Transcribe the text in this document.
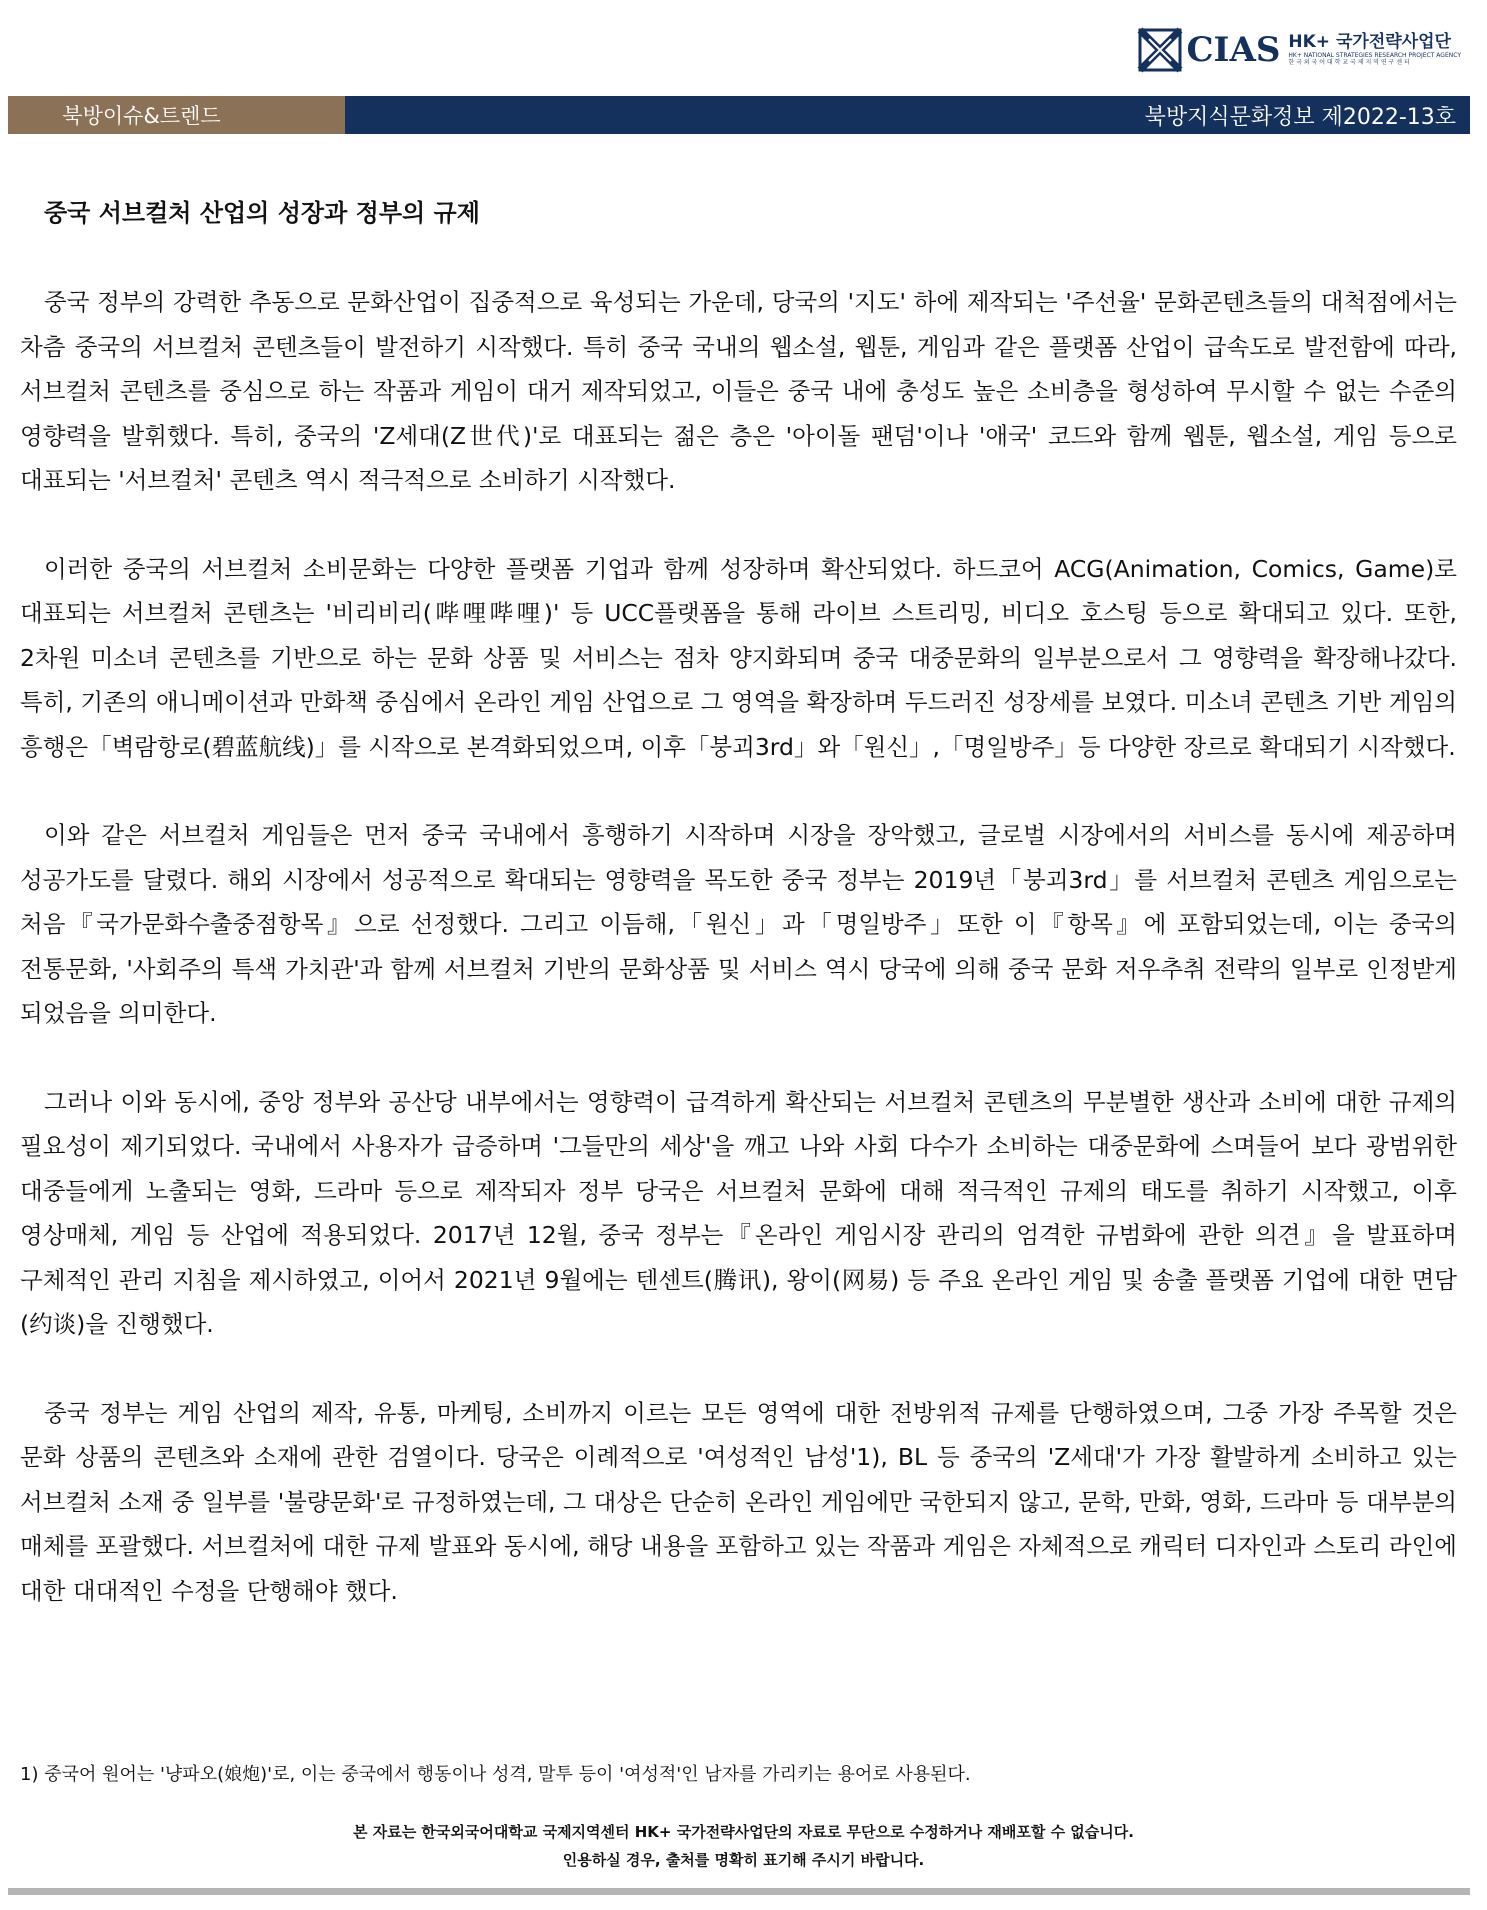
CIAS HK+ 국가전략사업단
HK+ NATIONAL STRATEGIES RESEARCH PROJECT AGENCY
한 국 외 국 어 대 학 교 국 제 지 역 연 구 센 터
북방이슈&트렌드	북방지식문화정보 제2022-13호
중국 서브컬처 산업의 성장과 정부의 규제

중국 정부의 강력한 추동으로 문화산업이 집중적으로 육성되는 가운데, 당국의 '지도' 하에 제작되는 '주선율' 문화콘텐츠들의 대척점에서는 차츰 중국의 서브컬처 콘텐츠들이 발전하기 시작했다. 특히 중국 국내의 웹소설, 웹툰, 게임과 같은 플랫폼 산업이 급속도로 발전함에 따라, 서브컬처 콘텐츠를 중심으로 하는 작품과 게임이 대거 제작되었고, 이들은 중국 내에 충성도 높은 소비층을 형성하여 무시할 수 없는 수준의 영향력을 발휘했다. 특히, 중국의 'Z세대(Z世代)'로 대표되는 젊은 층은 '아이돌 팬덤'이나 '애국' 코드와 함께 웹툰, 웹소설, 게임 등으로 대표되는 '서브컬처' 콘텐츠 역시 적극적으로 소비하기 시작했다.

이러한 중국의 서브컬처 소비문화는 다양한 플랫폼 기업과 함께 성장하며 확산되었다. 하드코어 ACG(Animation, Comics, Game)로 대표되는 서브컬처 콘텐츠는 '비리비리(哔哩哔哩)' 등 UCC플랫폼을 통해 라이브 스트리밍, 비디오 호스팅 등으로 확대되고 있다. 또한, 2차원 미소녀 콘텐츠를 기반으로 하는 문화 상품 및 서비스는 점차 양지화되며 중국 대중문화의 일부분으로서 그 영향력을 확장해나갔다. 특히, 기존의 애니메이션과 만화책 중심에서 온라인 게임 산업으로 그 영역을 확장하며 두드러진 성장세를 보였다. 미소녀 콘텐츠 기반 게임의 흥행은「벽람항로(碧蓝航线)」를 시작으로 본격화되었으며, 이후「붕괴3rd」와「원신」,「명일방주」등 다양한 장르로 확대되기 시작했다.

이와 같은 서브컬처 게임들은 먼저 중국 국내에서 흥행하기 시작하며 시장을 장악했고, 글로벌 시장에서의 서비스를 동시에 제공하며 성공가도를 달렸다. 해외 시장에서 성공적으로 확대되는 영향력을 목도한 중국 정부는 2019년「붕괴3rd」를 서브컬처 콘텐츠 게임으로는 처음『국가문화수출중점항목』으로 선정했다. 그리고 이듬해,「원신」과「명일방주」또한 이『항목』에 포함되었는데, 이는 중국의 전통문화, '사회주의 특색 가치관'과 함께 서브컬처 기반의 문화상품 및 서비스 역시 당국에 의해 중국 문화 저우추취 전략의 일부로 인정받게 되었음을 의미한다.

그러나 이와 동시에, 중앙 정부와 공산당 내부에서는 영향력이 급격하게 확산되는 서브컬처 콘텐츠의 무분별한 생산과 소비에 대한 규제의 필요성이 제기되었다. 국내에서 사용자가 급증하며 '그들만의 세상'을 깨고 나와 사회 다수가 소비하는 대중문화에 스며들어 보다 광범위한 대중들에게 노출되는 영화, 드라마 등으로 제작되자 정부 당국은 서브컬처 문화에 대해 적극적인 규제의 태도를 취하기 시작했고, 이후 영상매체, 게임 등 산업에 적용되었다. 2017년 12월, 중국 정부는『온라인 게임시장 관리의 엄격한 규범화에 관한 의견』을 발표하며 구체적인 관리 지침을 제시하였고, 이어서 2021년 9월에는 텐센트(腾讯), 왕이(网易) 등 주요 온라인 게임 및 송출 플랫폼 기업에 대한 면담(约谈)을 진행했다.

중국 정부는 게임 산업의 제작, 유통, 마케팅, 소비까지 이르는 모든 영역에 대한 전방위적 규제를 단행하였으며, 그중 가장 주목할 것은 문화 상품의 콘텐츠와 소재에 관한 검열이다. 당국은 이례적으로 '여성적인 남성'1), BL 등 중국의 'Z세대'가 가장 활발하게 소비하고 있는 서브컬처 소재 중 일부를 '불량문화'로 규정하였는데, 그 대상은 단순히 온라인 게임에만 국한되지 않고, 문학, 만화, 영화, 드라마 등 대부분의 매체를 포괄했다. 서브컬처에 대한 규제 발표와 동시에, 해당 내용을 포함하고 있는 작품과 게임은 자체적으로 캐릭터 디자인과 스토리 라인에 대한 대대적인 수정을 단행해야 했다.

1) 중국어 원어는 '냥파오(娘炮)'로, 이는 중국에서 행동이나 성격, 말투 등이 '여성적'인 남자를 가리키는 용어로 사용된다.
본 자료는 한국외국어대학교 국제지역센터 HK+ 국가전략사업단의 자료로 무단으로 수정하거나 재배포할 수 없습니다.
인용하실 경우, 출처를 명확히 표기해 주시기 바랍니다.
